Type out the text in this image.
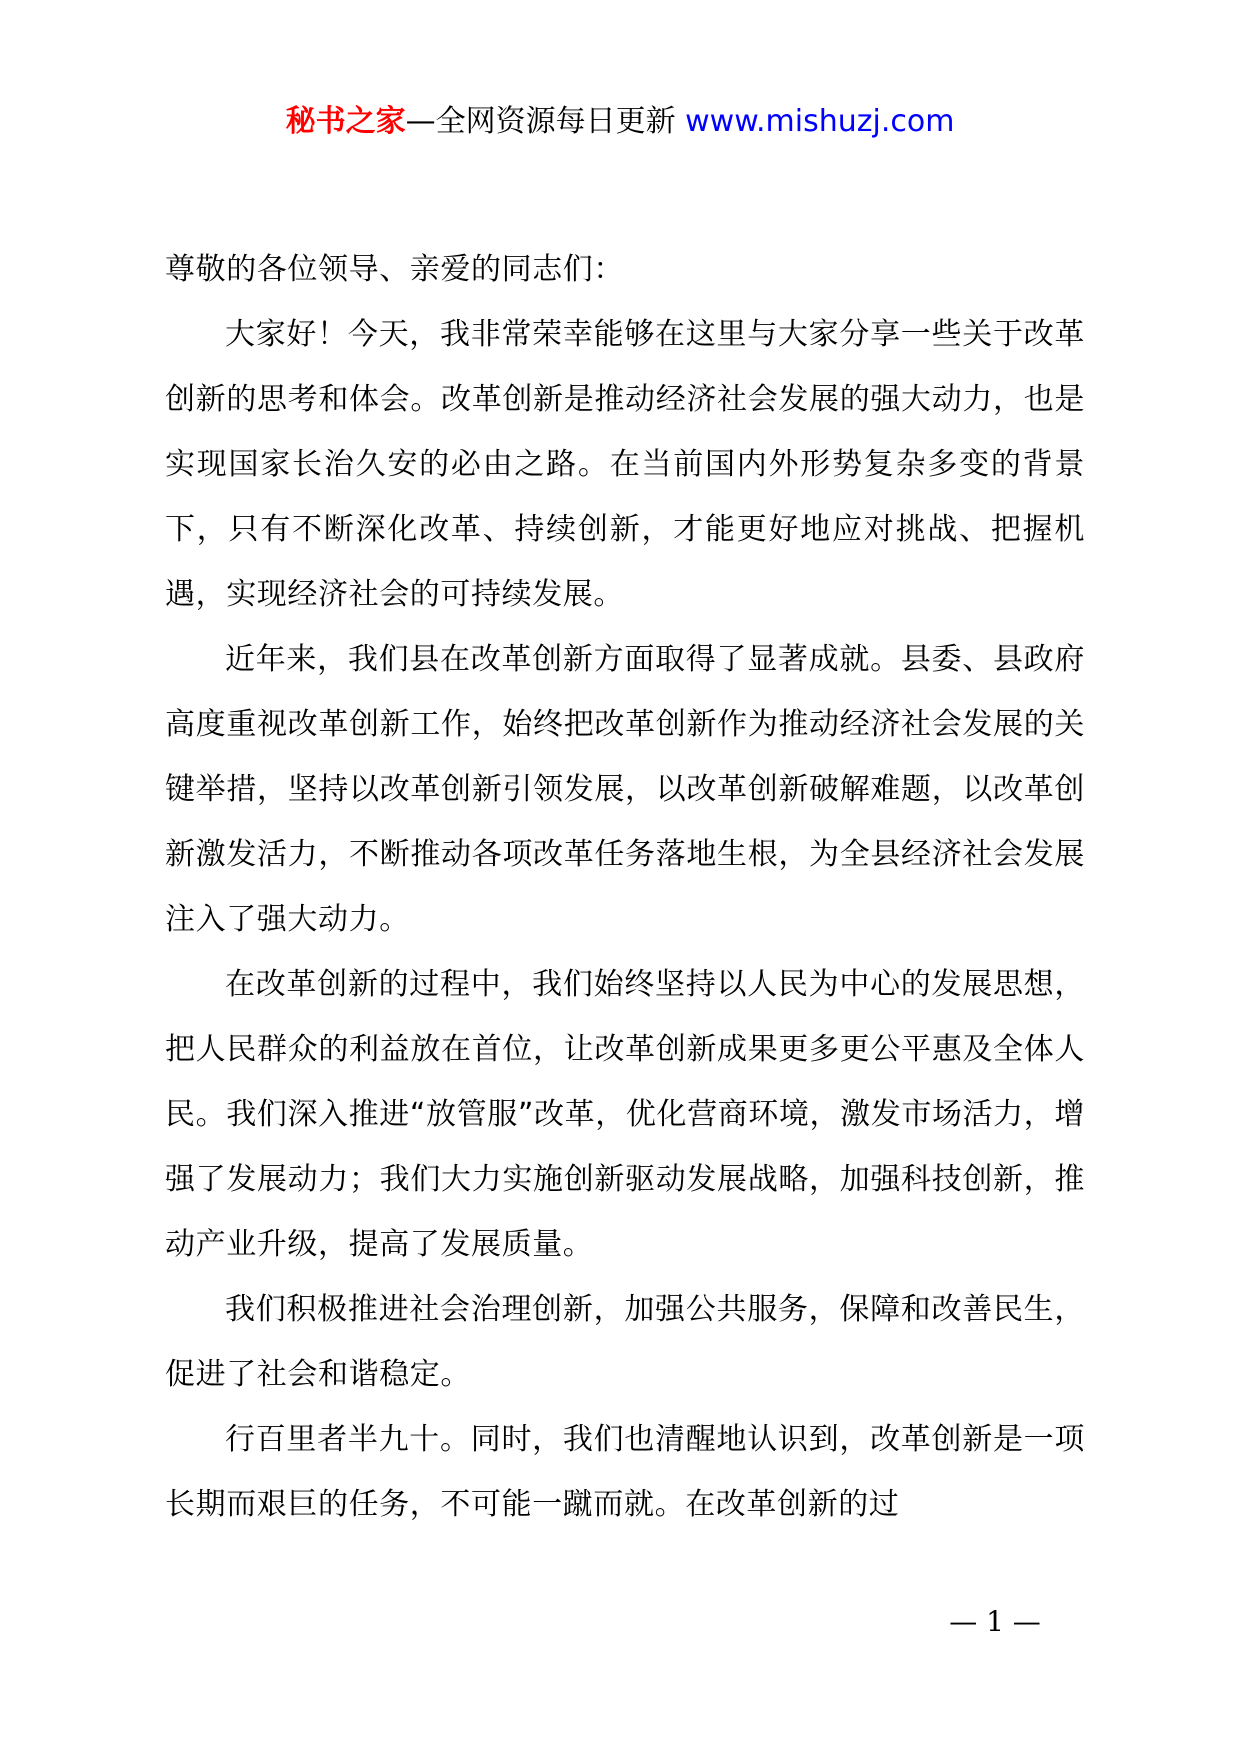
秘书之家—全网资源每日更新 www.mishuzj.com

尊敬的各位领导、亲爱的同志们：

大家好！今天，我非常荣幸能够在这里与大家分享一些关于改革创新的思考和体会。改革创新是推动经济社会发展的强大动力，也是实现国家长治久安的必由之路。在当前国内外形势复杂多变的背景下，只有不断深化改革、持续创新，才能更好地应对挑战、把握机遇，实现经济社会的可持续发展。

近年来，我们县在改革创新方面取得了显著成就。县委、县政府高度重视改革创新工作，始终把改革创新作为推动经济社会发展的关键举措，坚持以改革创新引领发展，以改革创新破解难题，以改革创新激发活力，不断推动各项改革任务落地生根，为全县经济社会发展注入了强大动力。

在改革创新的过程中，我们始终坚持以人民为中心的发展思想，把人民群众的利益放在首位，让改革创新成果更多更公平惠及全体人民。我们深入推进“放管服”改革，优化营商环境，激发市场活力，增强了发展动力；我们大力实施创新驱动发展战略，加强科技创新，推动产业升级，提高了发展质量。

我们积极推进社会治理创新，加强公共服务，保障和改善民生，促进了社会和谐稳定。

行百里者半九十。同时，我们也清醒地认识到，改革创新是一项长期而艰巨的任务，不可能一蹴而就。在改革创新的过

— 1 —
